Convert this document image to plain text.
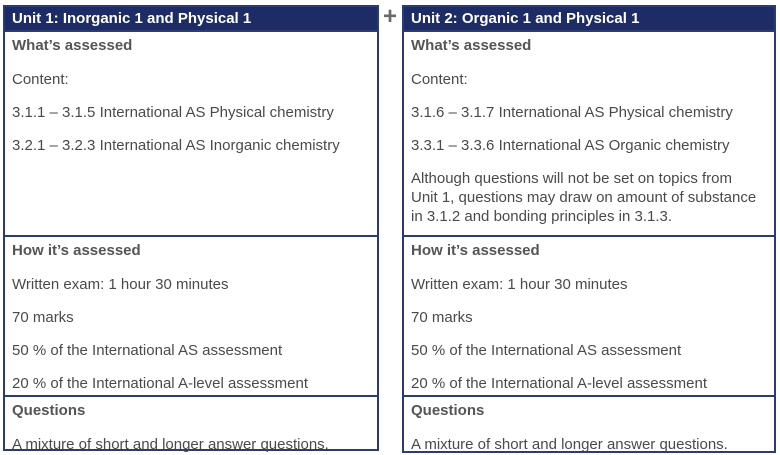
Unit 1: Inorganic 1 and Physical 1
What’s assessed
Content:
3.1.1 – 3.1.5 International AS Physical chemistry
3.2.1 – 3.2.3 International AS Inorganic chemistry
How it’s assessed
Written exam: 1 hour 30 minutes
70 marks
50 % of the International AS assessment
20 % of the International A-level assessment
Questions
A mixture of short and longer answer questions.
+ Unit 2: Organic 1 and Physical 1
What’s assessed
Content:
3.1.6 – 3.1.7 International AS Physical chemistry
3.3.1 – 3.3.6 International AS Organic chemistry
Although questions will not be set on topics from
Unit 1, questions may draw on amount of substance
in 3.1.2 and bonding principles in 3.1.3.
How it’s assessed
Written exam: 1 hour 30 minutes
70 marks
50 % of the International AS assessment
20 % of the International A-level assessment
Questions
A mixture of short and longer answer questions.
